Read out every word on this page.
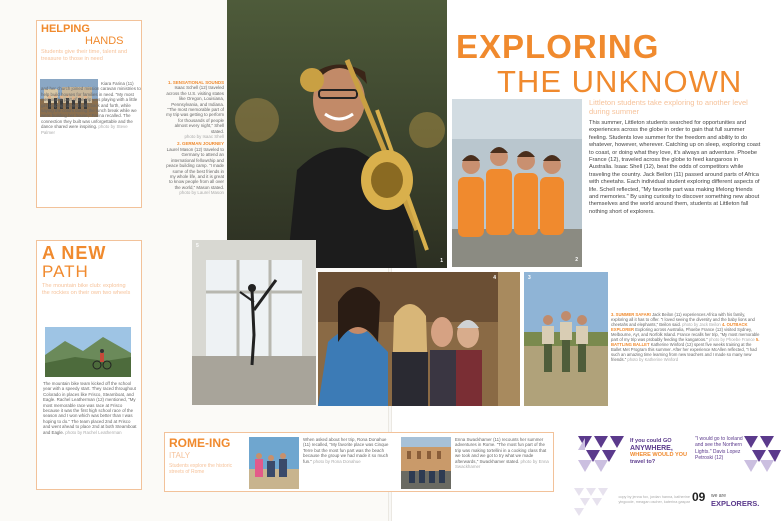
HELPING
HANDS
Students give their time, talent and treasure to those in need
Kiara Farina (11) and her church joined mission caravan ministries to help build houses for families in need. "My most memorable part of the trip was playing with a little girl, looping colored balls back and forth, while saying the colors during the lunch break while we were building her house," Farina recalled. The connection they built was unforgettable and the dance shared were inspiring. photo by Steve Palmer
A NEW
PATH
The mountain bike club: exploring the rockies on their own two wheels
The mountain bike team kicked off the school year with a speedy start. They raced throughout Colorado in places like Frisco, Steamboat, and Eagle. Rachel Leatherman (12) mentioned, "My most memorable race was race at Frisco because it was the first high school race of the season and I won which was better than I was hoping to do." The team placed 2nd at Frisco and went ahead to place 2nd at both Steamboat and Eagle. photo by Rachel Leatherman
1. SENSATIONAL SOUNDS
Isaac Schell (12) traveled across the U.S. visiting states like Oregon, Louisiana, Pennsylvania, and Indiana. "The most memorable part of my trip was getting to perform for thousands of people almost every night," Shell stated.
photo by Isaac Shell
2. GERMAN JOURNEY
Laurel Mason (12) traveled to Germany to attend an international fellowship and peace building camp. "I made some of the best friends in my whole life, and it is great to know people from all over the world," Mason stated.
photo by Laurel Mason
1
5
2
4	3
EXPLORING
THE UNKNOWN
Littleton students take exploring to another level during summer
This summer, Littleton students searched for opportunities and experiences across the globe in order to gain that full summer feeling. Students love summer for the freedom and ability to do whatever, however, wherever. Catching up on sleep, exploring coast to coast, or doing what they love, it's always an adventure. Phoebe France (12), traveled across the globe to feed kangaroos in Australia. Isaac Shell (12), beat the odds of competitors while traveling the country. Jack Beilon (11) passed around parts of Africa with cheetahs. Each individual student exploring different aspects of life. Schell reflected, "My favorite part was making lifelong friends and memories." By using curiosity to discover something new about themselves and the world around them, students at Littleton fall nothing short of explorers.
3. SUMMER SAFARI Jack Beilon (11) experiences Africa with his family, exploring all it has to offer. "I loved seeing the diversity and the baby lions and cheetahs and elephants," Beilon said. photo by Jack Beilon 4. OUTBACK EXPLORER Exploring across Australia, Phoebe France (12) visited Sydney, Melbourne, Ayr, and Norfolk Island. France recalls her trip, "My most memorable part of my trip was probably feeding the kangaroos." photo by Phoebe France 5. BATTLING BALLET Katherine Winford (12) spent five weeks training at the Ballet Met Program this summer. After her experience McAllen reflected, "I had such an amazing time learning from new teachers and I made so many new friends." photo by Katherine Winford
ROME-ING
ITALY
Students explore the historic streets of Rome
When asked about her trip, Rona Donahue (11) recalled, "My favorite place was Cinque Terre but the most fun part was the beach because the group we had made it so much fun." photo by Rona Donahue
Enna Swackhamer (11) recounts her summer adventures in Rome. "The most fun part of the trip was making tortellini in a cooking class that we took and we got to try what we made afterwards," Swackhamer stated. photo by Enna Swackhamer
If you could GO
ANYWHERE,
WHERE WOULD YOU
travel to?
"I would go to Iceland and see the Northern Lights." Davis Lopez Petroski (12)
copy by jenna fox, jordan hanna, katherine yingcode, meagan oscher, katerina gaspar 09 we are
EXPLORERS.
